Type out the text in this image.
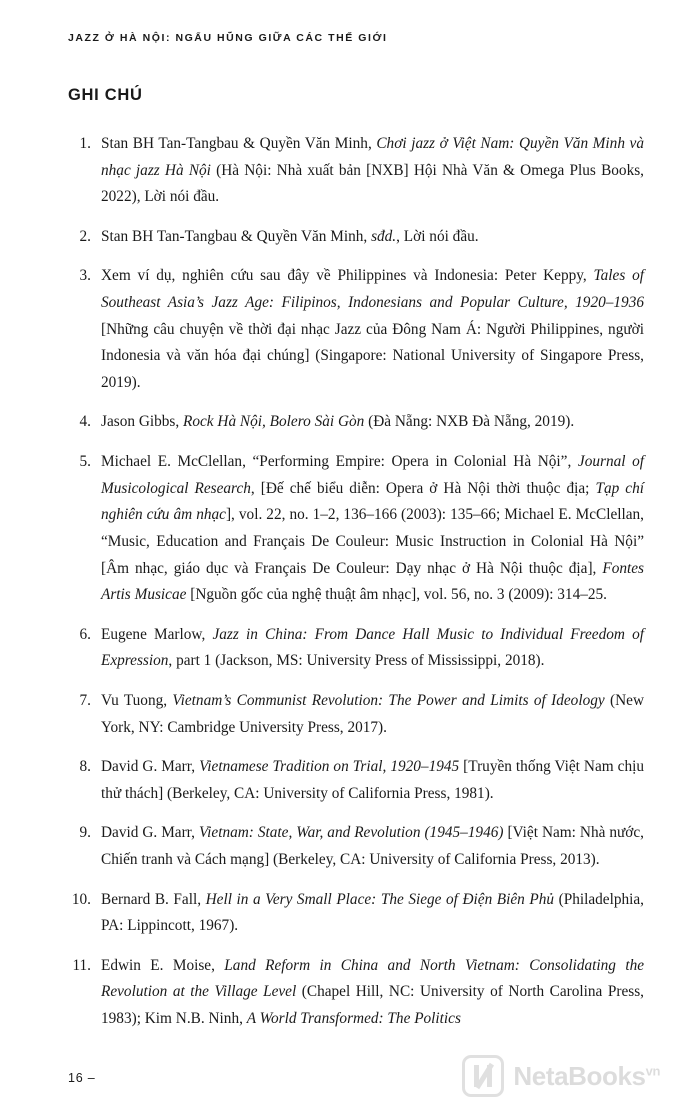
JAZZ Ở HÀ NỘI: NGẨU HÚ̃NG GIỮA CÁC THẾ GIỚI
GHI CHÚ
1. Stan BH Tan-Tangbau & Quyền Văn Minh, Chơi jazz ở Việt Nam: Quyền Văn Minh và nhạc jazz Hà Nội (Hà Nội: Nhà xuất bản [NXB] Hội Nhà Văn & Omega Plus Books, 2022), Lời nói đầu.
2. Stan BH Tan-Tangbau & Quyền Văn Minh, sđd., Lời nói đầu.
3. Xem ví dụ, nghiên cứu sau đây về Philippines và Indonesia: Peter Keppy, Tales of Southeast Asia’s Jazz Age: Filipinos, Indonesians and Popular Culture, 1920–1936 [Những câu chuyện về thời đại nhạc Jazz của Đông Nam Á: Người Philippines, người Indonesia và văn hóa đại chúng] (Singapore: National University of Singapore Press, 2019).
4. Jason Gibbs, Rock Hà Nội, Bolero Sài Gòn (Đà Nẵng: NXB Đà Nẵng, 2019).
5. Michael E. McClellan, “Performing Empire: Opera in Colonial Hà Nội”, Journal of Musicological Research, [Đế chế biểu diễn: Opera ở Hà Nội thời thuộc địa; Tạp chí nghiên cứu âm nhạc], vol. 22, no. 1–2, 136–166 (2003): 135–66; Michael E. McClellan, “Music, Education and Français De Couleur: Music Instruction in Colonial Hà Nội” [Âm nhạc, giáo dục và Français De Couleur: Dạy nhạc ở Hà Nội thuộc địa], Fontes Artis Musicae [Nguồn gốc của nghệ thuậ̣t âm nhạc], vol. 56, no. 3 (2009): 314–25.
6. Eugene Marlow, Jazz in China: From Dance Hall Music to Individual Freedom of Expression, part 1 (Jackson, MS: University Press of Mississippi, 2018).
7. Vu Tuong, Vietnam’s Communist Revolution: The Power and Limits of Ideology (New York, NY: Cambridge University Press, 2017).
8. David G. Marr, Vietnamese Tradition on Trial, 1920–1945 [Truyền thống Việt Nam chịu thử thách] (Berkeley, CA: University of California Press, 1981).
9. David G. Marr, Vietnam: State, War, and Revolution (1945–1946) [Việt Nam: Nhà nước, Chiến tranh và Cách mạng] (Berkeley, CA: University of California Press, 2013).
10. Bernard B. Fall, Hell in a Very Small Place: The Siege of Điện Biên Phủ (Philadelphia, PA: Lippincott, 1967).
11. Edwin E. Moise, Land Reform in China and North Vietnam: Consolidating the Revolution at the Village Level (Chapel Hill, NC: University of North Carolina Press, 1983); Kim N.B. Ninh, A World Transformed: The Politics
16 –	NetaBooks$^{vn}$
